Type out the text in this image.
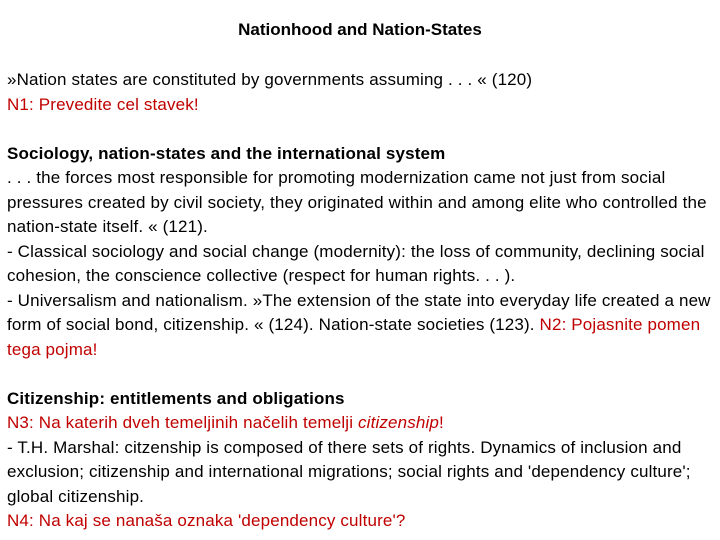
Nationhood and Nation-States

»Nation states are constituted by governments assuming . . . « (120)

N1: Prevedite cel stavek!

Sociology, nation-states and the international system

. . . the forces most responsible for promoting modernization came not just from social pressures created by civil society, they originated within and among elite who controlled the nation-state itself. « (121).

- Classical sociology and social change (modernity): the loss of community, declining social cohesion, the conscience collective (respect for human rights. . . ).

- Universalism and nationalism. »The extension of the state into everyday life created a new form of social bond, citizenship. « (124). Nation-state societies (123). N2: Pojasnite pomen tega pojma!

Citizenship: entitlements and obligations

N3: Na katerih dveh temeljinih načelih temelji citizenship!

- T.H. Marshal: citzenship is composed of there sets of rights. Dynamics of inclusion and exclusion; citizenship and international migrations; social rights and 'dependency culture'; global citizenship.

N4: Na kaj se nanaša oznaka 'dependency culture'?
